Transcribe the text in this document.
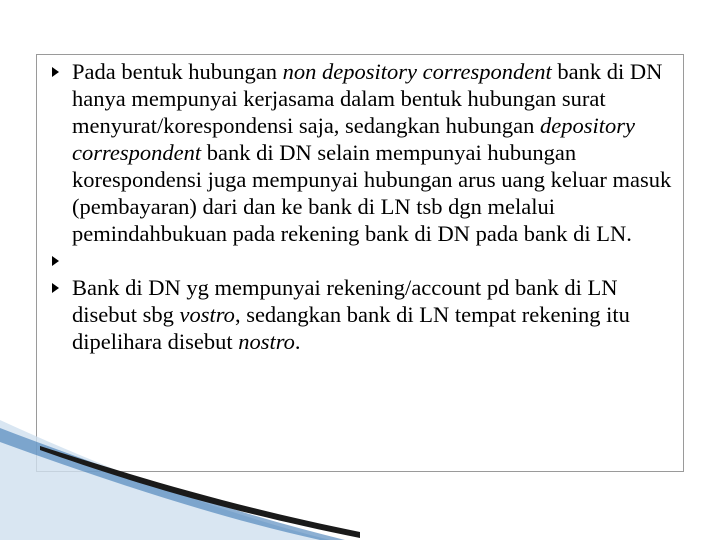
Pada bentuk hubungan non depository correspondent bank di DN hanya mempunyai kerjasama dalam bentuk hubungan surat menyurat/korespondensi saja, sedangkan hubungan depository correspondent bank di DN selain mempunyai hubungan korespondensi juga mempunyai hubungan arus uang keluar masuk (pembayaran) dari dan ke bank di LN tsb dgn melalui pemindahbukuan pada rekening bank di DN pada bank di LN.
Bank di DN yg mempunyai rekening/account pd bank di LN disebut sbg vostro, sedangkan bank di LN tempat rekening itu dipelihara disebut nostro.
